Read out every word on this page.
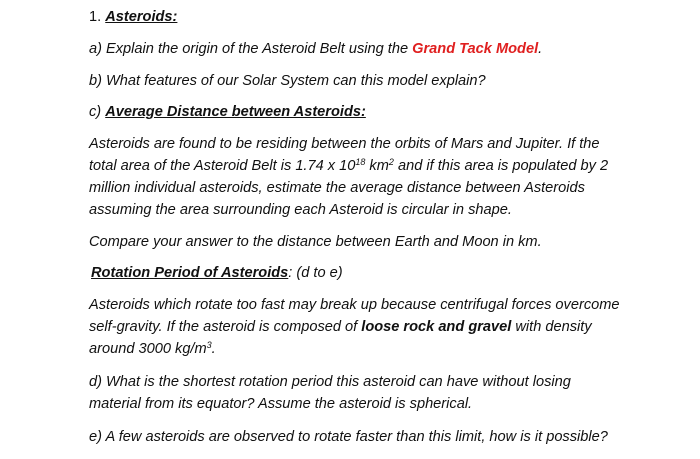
1. Asteroids:
a) Explain the origin of the Asteroid Belt using the Grand Tack Model.
b) What features of our Solar System can this model explain?
c) Average Distance between Asteroids:
Asteroids are found to be residing between the orbits of Mars and Jupiter. If the
total area of the Asteroid Belt is 1.74 x $10^{18}$ $km^2$ and if this area is populated by 2
million individual asteroids, estimate the average distance between Asteroids
assuming the area surrounding each Asteroid is circular in shape.
Compare your answer to the distance between Earth and Moon in km.
Rotation Period of Asteroids: (d to e)
Asteroids which rotate too fast may break up because centrifugal forces overcome
self-gravity. If the asteroid is composed of loose rock and gravel with density
around 3000 $kg/m^3$.
d) What is the shortest rotation period this asteroid can have without losing
material from its equator? Assume the asteroid is spherical.
e) A few asteroids are observed to rotate faster than this limit, how is it possible?
